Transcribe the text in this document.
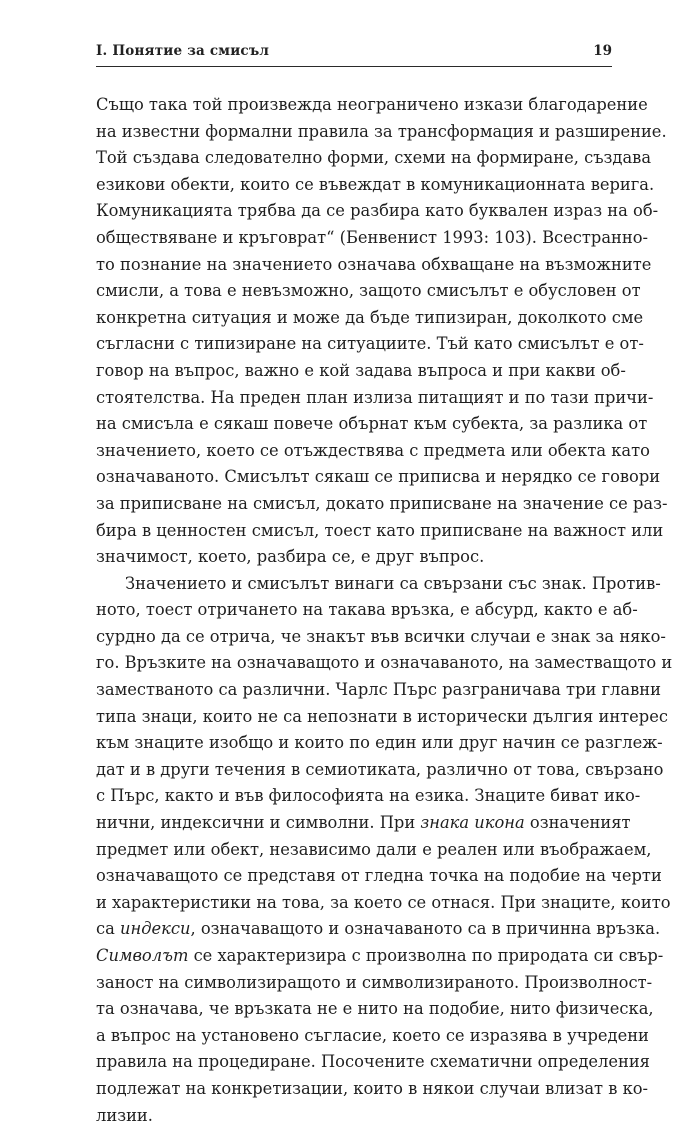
I. Понятие за смисъл	19
Също така той произвежда неограничено изкази благодарение
на известни формални правила за трансформация и разширение.
Той създава следователно форми, схеми на формиране, създава
езикови обекти, които се въвеждат в комуникационната верига.
Комуникацията трябва да се разбира като буквален израз на об-
обществяване и кръговрат“ (Бенвенист 1993: 103). Всестранно-
то познание на значението означава обхващане на възможните
смисли, а това е невъзможно, защото смисълът е обусловен от
конкретна ситуация и може да бъде типизиран, доколкото сме
съгласни с типизиране на ситуациите. Тъй като смисълът е от-
говор на въпрос, важно е кой задава въпроса и при какви об-
стоятелства. На преден план излиза питащият и по тази причи-
на смисъла е сякаш повече обърнат към субекта, за разлика от
значението, което се отъждествява с предмета или обекта като
означаваното. Смисълът сякаш се приписва и нерядко се говори
за приписване на смисъл, докато приписване на значение се раз-
бира в ценностен смисъл, тоест като приписване на важност или
значимост, което, разбира се, е друг въпрос.
Значението и смисълът винаги са свързани със знак. Против-
ното, тоест отричането на такава връзка, е абсурд, както е аб-
сурдно да се отрича, че знакът във всички случаи е знак за някo-
го. Връзките на означаващото и означаваното, на заместващото и
заместваното са различни. Чарлс Пърс разграничава три главни
типа знаци, които не са непознати в исторически дългия интерес
към знаците изобщо и които по един или друг начин се разглеж-
дат и в други течения в семиотиката, различно от това, свързано
с Пърс, както и във философията на езика. Знаците биват ико-
нични, индексични и символни. При знака икона означеният
предмет или обект, независимо дали е реален или въображаем,
означаващото се представя от гледна точка на подобие на черти
и характеристики на това, за което се отнася. При знаците, които
са индекси, означаващото и означаваното са в причинна връзка.
Символът се характеризира с произволна по природата си свър-
заност на символизиращото и символизираното. Произволност-
та означава, че връзката не е нито на подобие, нито физическа,
а въпрос на установено съгласие, което се изразява в учредени
правила на процедиране. Посочените схематични определения
подлежат на конкретизации, които в някои случаи влизат в ко-
лизии.
